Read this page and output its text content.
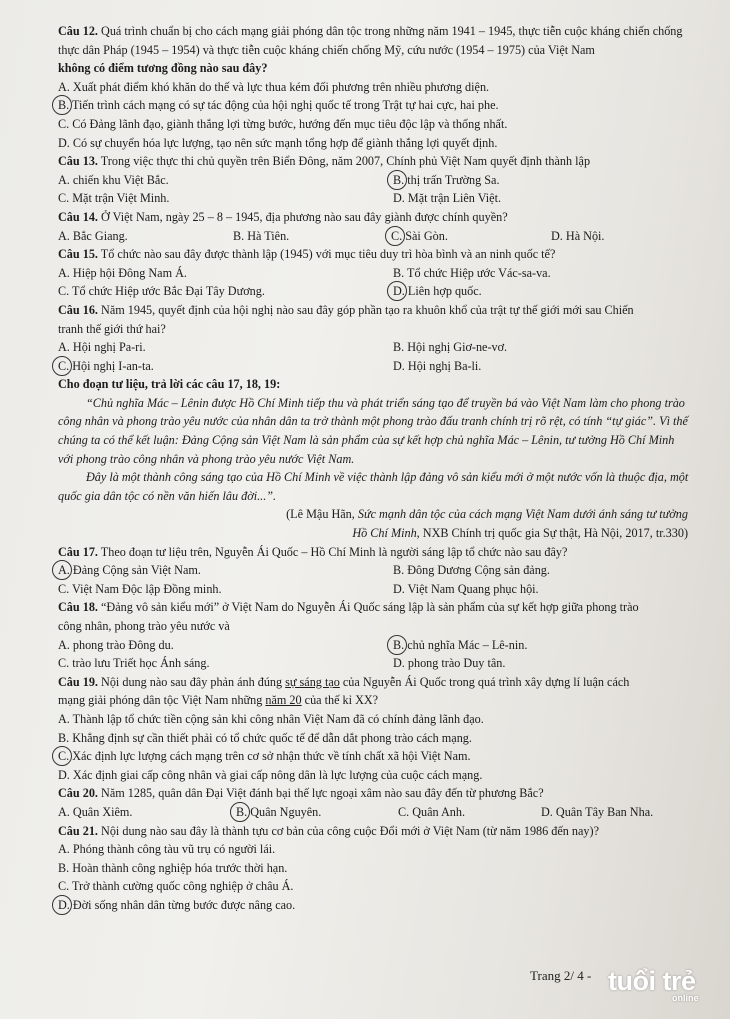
Câu 12. Quá trình chuẩn bị cho cách mạng giải phóng dân tộc trong những năm 1941 – 1945, thực tiễn cuộc kháng chiến chống thực dân Pháp (1945 – 1954) và thực tiễn cuộc kháng chiến chống Mỹ, cứu nước (1954 – 1975) của Việt Nam

không có điểm tương đồng nào sau đây?

A. Xuất phát điểm khó khăn do thế và lực thua kém đối phương trên nhiều phương diện.

B. Tiến trình cách mạng có sự tác động của hội nghị quốc tế trong Trật tự hai cực, hai phe.

C. Có Đảng lãnh đạo, giành thắng lợi từng bước, hướng đến mục tiêu độc lập và thống nhất.

D. Có sự chuyển hóa lực lượng, tạo nên sức mạnh tổng hợp để giành thắng lợi quyết định.

Câu 13. Trong việc thực thi chủ quyền trên Biển Đông, năm 2007, Chính phủ Việt Nam quyết định thành lập

A. chiến khu Việt Bắc.	B. thị trấn Trường Sa.
C. Mặt trận Việt Minh.	D. Mặt trận Liên Việt.

Câu 14. Ở Việt Nam, ngày 25 – 8 – 1945, địa phương nào sau đây giành được chính quyền?

A. Bắc Giang.	B. Hà Tiên.	C. Sài Gòn.	D. Hà Nội.

Câu 15. Tổ chức nào sau đây được thành lập (1945) với mục tiêu duy trì hòa bình và an ninh quốc tế?

A. Hiệp hội Đông Nam Á.	B. Tổ chức Hiệp ước Vác-sa-va.
C. Tổ chức Hiệp ước Bắc Đại Tây Dương.	D. Liên hợp quốc.

Câu 16. Năm 1945, quyết định của hội nghị nào sau đây góp phần tạo ra khuôn khổ của trật tự thế giới mới sau Chiến

tranh thế giới thứ hai?

A. Hội nghị Pa-ri.	B. Hội nghị Giơ-ne-vơ.
C. Hội nghị I-an-ta.	D. Hội nghị Ba-li.

Cho đoạn tư liệu, trả lời các câu 17, 18, 19:

“Chủ nghĩa Mác – Lênin được Hồ Chí Minh tiếp thu và phát triển sáng tạo để truyền bá vào Việt Nam làm cho phong trào công nhân và phong trào yêu nước của nhân dân ta trở thành một phong trào đấu tranh chính trị rõ rệt, có tính “tự giác”. Vì thế chúng ta có thể kết luận: Đảng Cộng sản Việt Nam là sản phẩm của sự kết hợp chủ nghĩa Mác – Lênin, tư tưởng Hồ Chí Minh với phong trào công nhân và phong trào yêu nước Việt Nam.

Đây là một thành công sáng tạo của Hồ Chí Minh về việc thành lập đảng vô sản kiểu mới ở một nước vốn là thuộc địa, một quốc gia dân tộc có nền văn hiến lâu đời...”.

(Lê Mậu Hãn, Sức mạnh dân tộc của cách mạng Việt Nam dưới ánh sáng tư tưởng

Hồ Chí Minh, NXB Chính trị quốc gia Sự thật, Hà Nội, 2017, tr.330)

Câu 17. Theo đoạn tư liệu trên, Nguyễn Ái Quốc – Hồ Chí Minh là người sáng lập tổ chức nào sau đây?

A. Đảng Cộng sản Việt Nam.	B. Đông Dương Cộng sản đảng.
C. Việt Nam Độc lập Đồng minh.	D. Việt Nam Quang phục hội.

Câu 18. “Đảng vô sản kiểu mới” ở Việt Nam do Nguyễn Ái Quốc sáng lập là sản phẩm của sự kết hợp giữa phong trào

công nhân, phong trào yêu nước và

A. phong trào Đông du.	B. chủ nghĩa Mác – Lê-nin.
C. trào lưu Triết học Ánh sáng.	D. phong trào Duy tân.

Câu 19. Nội dung nào sau đây phản ánh đúng sự sáng tạo của Nguyễn Ái Quốc trong quá trình xây dựng lí luận cách

mạng giải phóng dân tộc Việt Nam những năm 20 của thế kỉ XX?

A. Thành lập tổ chức tiền cộng sản khi công nhân Việt Nam đã có chính đảng lãnh đạo.

B. Khẳng định sự cần thiết phải có tổ chức quốc tế để dẫn dắt phong trào cách mạng.

C. Xác định lực lượng cách mạng trên cơ sở nhận thức về tính chất xã hội Việt Nam.

D. Xác định giai cấp công nhân và giai cấp nông dân là lực lượng của cuộc cách mạng.

Câu 20. Năm 1285, quân dân Đại Việt đánh bại thế lực ngoại xâm nào sau đây đến từ phương Bắc?

A. Quân Xiêm.	B. Quân Nguyên.	C. Quân Anh.	D. Quân Tây Ban Nha.

Câu 21. Nội dung nào sau đây là thành tựu cơ bản của công cuộc Đổi mới ở Việt Nam (từ năm 1986 đến nay)?

A. Phóng thành công tàu vũ trụ có người lái.

B. Hoàn thành công nghiệp hóa trước thời hạn.

C. Trở thành cường quốc công nghiệp ở châu Á.

D. Đời sống nhân dân từng bước được nâng cao.

Trang 2/ 4 - tuổi trẻ
online
